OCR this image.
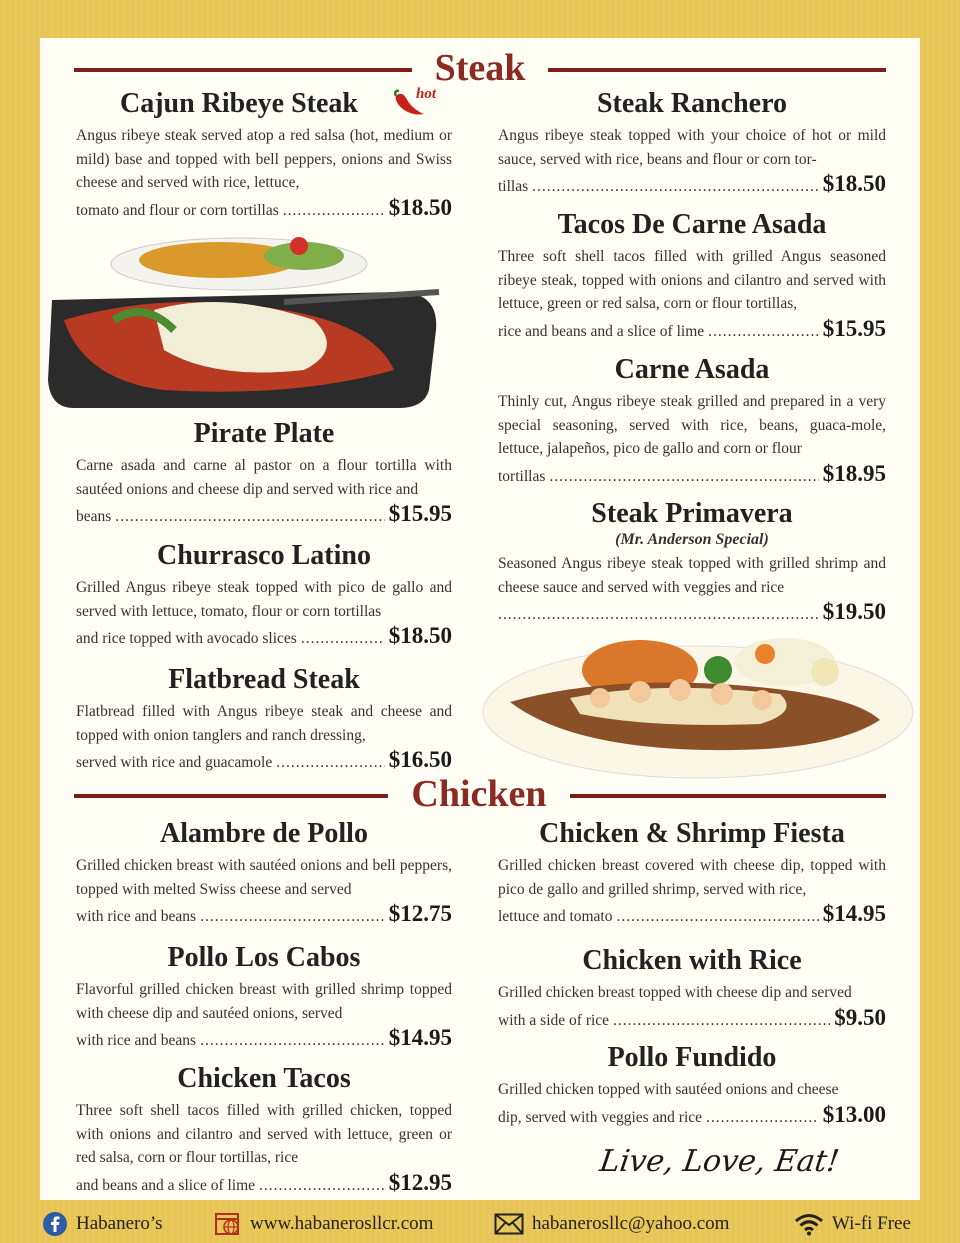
Steak
Cajun Ribeye Steak

Angus ribeye steak served atop a red salsa (hot, medium or mild) base and topped with bell peppers, onions and Swiss cheese and served with rice, lettuce,

tomato and flour or corn tortillas .....	$18.50
hot
Pirate Plate

Carne asada and carne al pastor on a flour tortilla with sautéed onions and cheese dip and served with rice and

beans .....	$15.95
Churrasco Latino

Grilled Angus ribeye steak topped with pico de gallo and served with lettuce, tomato, flour or corn tortillas

and rice topped with avocado slices .....	$18.50
Flatbread Steak

Flatbread filled with Angus ribeye steak and cheese and topped with onion tanglers and ranch dressing,

served with rice and guacamole .....	$16.50
Steak Ranchero

Angus ribeye steak topped with your choice of hot or mild sauce, served with rice, beans and flour or corn tor-

tillas .....	$18.50
Tacos De Carne Asada

Three soft shell tacos filled with grilled Angus seasoned ribeye steak, topped with onions and cilantro and served with lettuce, green or red salsa, corn or flour tortillas,

rice and beans and a slice of lime .....	$15.95
Carne Asada

Thinly cut, Angus ribeye steak grilled and prepared in a very special seasoning, served with rice, beans, guaca-mole, lettuce, jalapeños, pico de gallo and corn or flour

tortillas .....	$18.95
Steak Primavera
(Mr. Anderson Special)

Seasoned Angus ribeye steak topped with grilled shrimp and cheese sauce and served with veggies and rice

.....
$19.50
Chicken
Alambre de Pollo

Grilled chicken breast with sautéed onions and bell peppers, topped with melted Swiss cheese and served

with rice and beans .....	$12.75
Pollo Los Cabos

Flavorful grilled chicken breast with grilled shrimp topped with cheese dip and sautéed onions, served

with rice and beans .....	$14.95
Chicken Tacos

Three soft shell tacos filled with grilled chicken, topped with onions and cilantro and served with lettuce, green or red salsa, corn or flour tortillas, rice

and beans and a slice of lime .....	$12.95
Chicken & Shrimp Fiesta

Grilled chicken breast covered with cheese dip, topped with pico de gallo and grilled shrimp, served with rice,

lettuce and tomato .....	$14.95
Chicken with Rice

Grilled chicken breast topped with cheese dip and served

with a side of rice .....	$9.50
Pollo Fundido

Grilled chicken topped with sautéed onions and cheese

dip, served with veggies and rice .....	$13.00
Live, Love, Eat!
Habanero’s	www.habanerosllcr.com	habanerosllc@yahoo.com	Wi-fi Free
